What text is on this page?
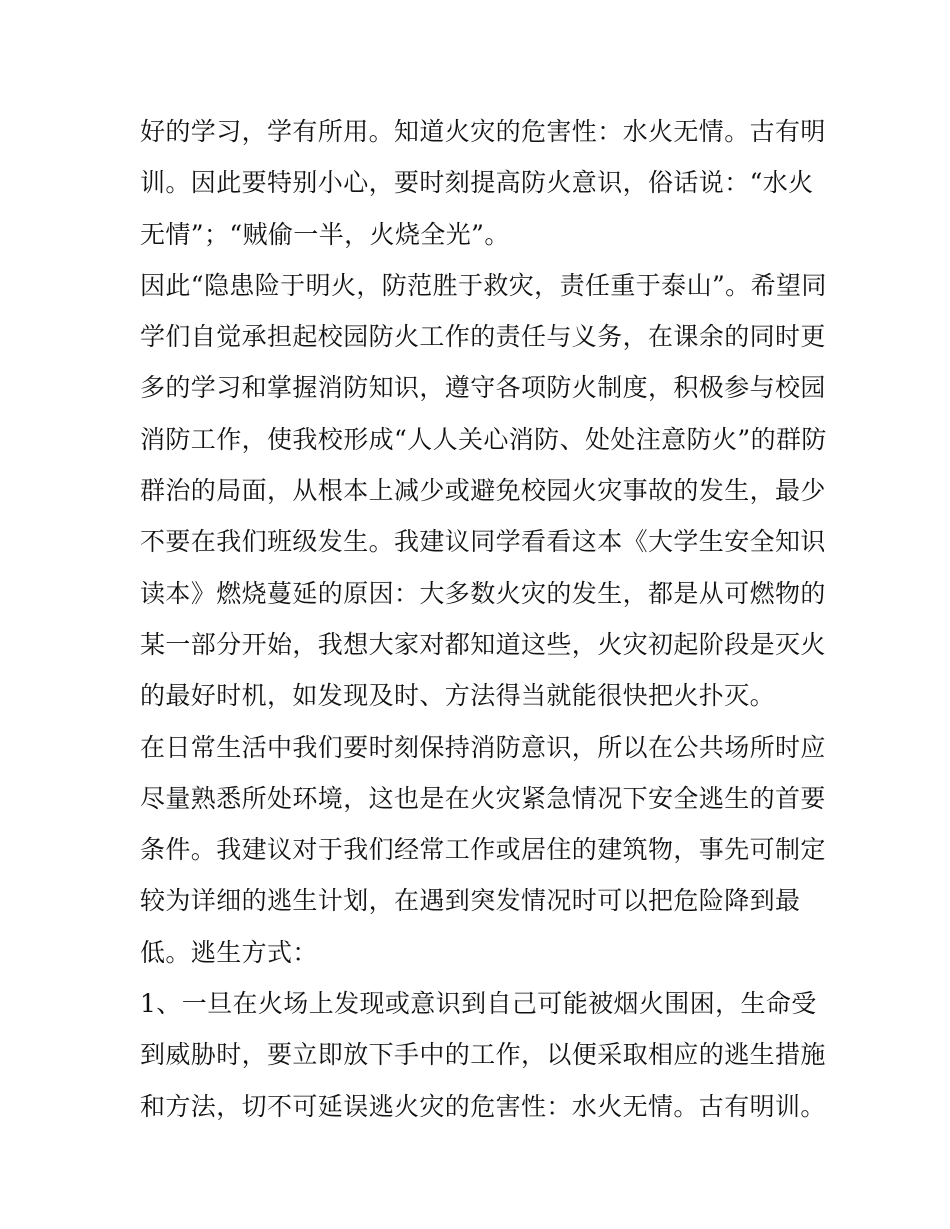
好的学习，学有所用。知道火灾的危害性：水火无情。古有明
训。因此要特别小心，要时刻提高防火意识，俗话说：“水火
无情”；“贼偷一半，火烧全光”。
因此“隐患险于明火，防范胜于救灾，责任重于泰山”。希望同
学们自觉承担起校园防火工作的责任与义务，在课余的同时更
多的学习和掌握消防知识，遵守各项防火制度，积极参与校园
消防工作，使我校形成“人人关心消防、处处注意防火”的群防
群治的局面，从根本上减少或避免校园火灾事故的发生，最少
不要在我们班级发生。我建议同学看看这本《大学生安全知识
读本》燃烧蔓延的原因：大多数火灾的发生，都是从可燃物的
某一部分开始，我想大家对都知道这些，火灾初起阶段是灭火
的最好时机，如发现及时、方法得当就能很快把火扑灭。
在日常生活中我们要时刻保持消防意识，所以在公共场所时应
尽量熟悉所处环境，这也是在火灾紧急情况下安全逃生的首要
条件。我建议对于我们经常工作或居住的建筑物，事先可制定
较为详细的逃生计划，在遇到突发情况时可以把危险降到最
低。逃生方式：
1、一旦在火场上发现或意识到自己可能被烟火围困，生命受
到威胁时，要立即放下手中的工作，以便采取相应的逃生措施
和方法，切不可延误逃火灾的危害性：水火无情。古有明训。
